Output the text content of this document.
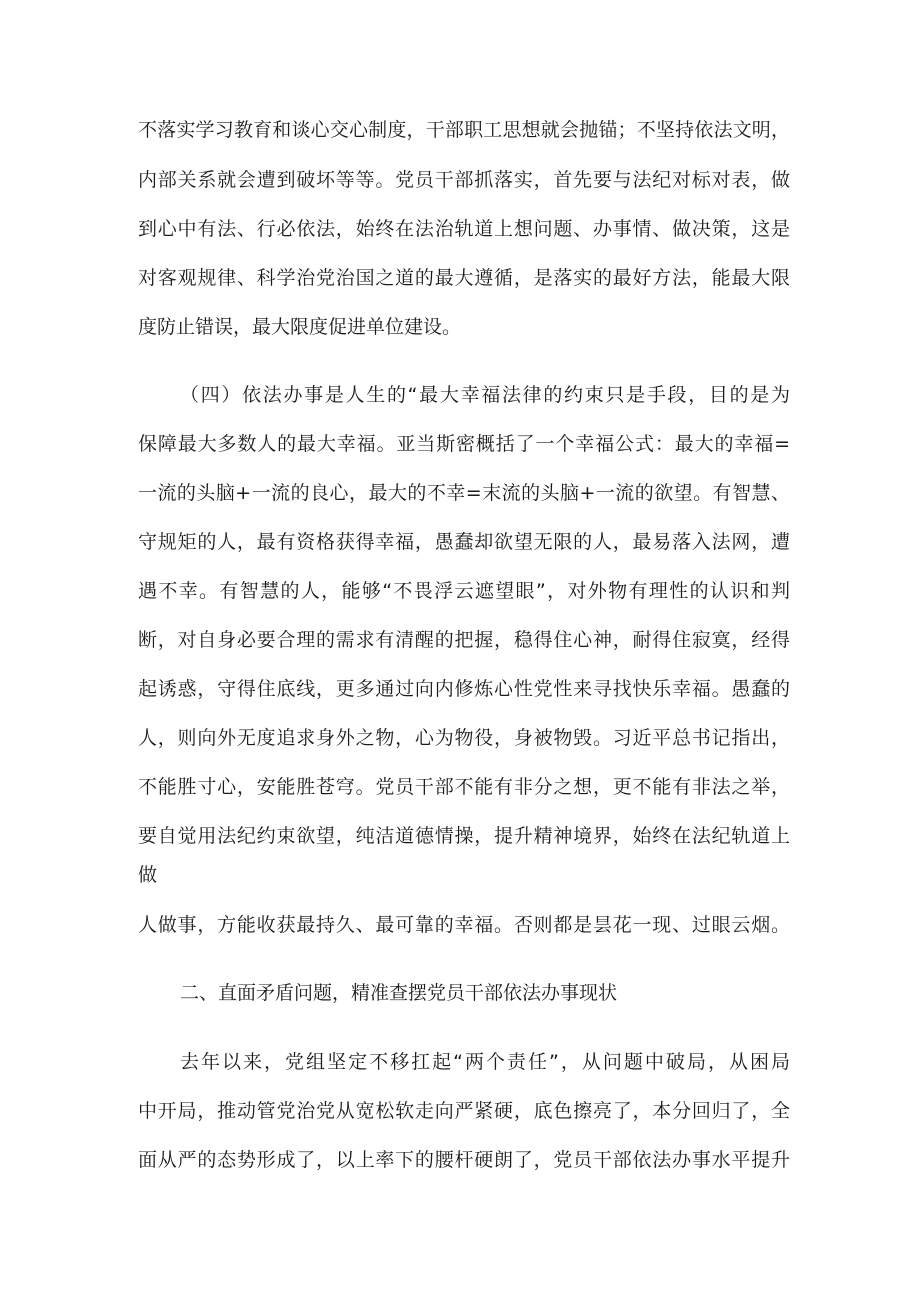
不落实学习教育和谈心交心制度，干部职工思想就会抛锚；不坚持依法文明，
内部关系就会遭到破坏等等。党员干部抓落实，首先要与法纪对标对表，做
到心中有法、行必依法，始终在法治轨道上想问题、办事情、做决策，这是
对客观规律、科学治党治国之道的最大遵循，是落实的最好方法，能最大限
度防止错误，最大限度促进单位建设。
（四）依法办事是人生的“最大幸福法律的约束只是手段，目的是为
保障最大多数人的最大幸福。亚当斯密概括了一个幸福公式：最大的幸福=
一流的头脑+一流的良心，最大的不幸=末流的头脑+一流的欲望。有智慧、
守规矩的人，最有资格获得幸福，愚蠢却欲望无限的人，最易落入法网，遭
遇不幸。有智慧的人，能够“不畏浮云遮望眼”，对外物有理性的认识和判
断，对自身必要合理的需求有清醒的把握，稳得住心神，耐得住寂寞，经得
起诱惑，守得住底线，更多通过向内修炼心性党性来寻找快乐幸福。愚蠢的
人，则向外无度追求身外之物，心为物役，身被物毁。习近平总书记指出，
不能胜寸心，安能胜苍穹。党员干部不能有非分之想，更不能有非法之举，
要自觉用法纪约束欲望，纯洁道德情操，提升精神境界，始终在法纪轨道上
做
人做事，方能收获最持久、最可靠的幸福。否则都是昙花一现、过眼云烟。
二、直面矛盾问题，精准查摆党员干部依法办事现状
去年以来，党组坚定不移扛起“两个责任”，从问题中破局，从困局
中开局，推动管党治党从宽松软走向严紧硬，底色擦亮了，本分回归了，全
面从严的态势形成了，以上率下的腰杆硬朗了，党员干部依法办事水平提升
